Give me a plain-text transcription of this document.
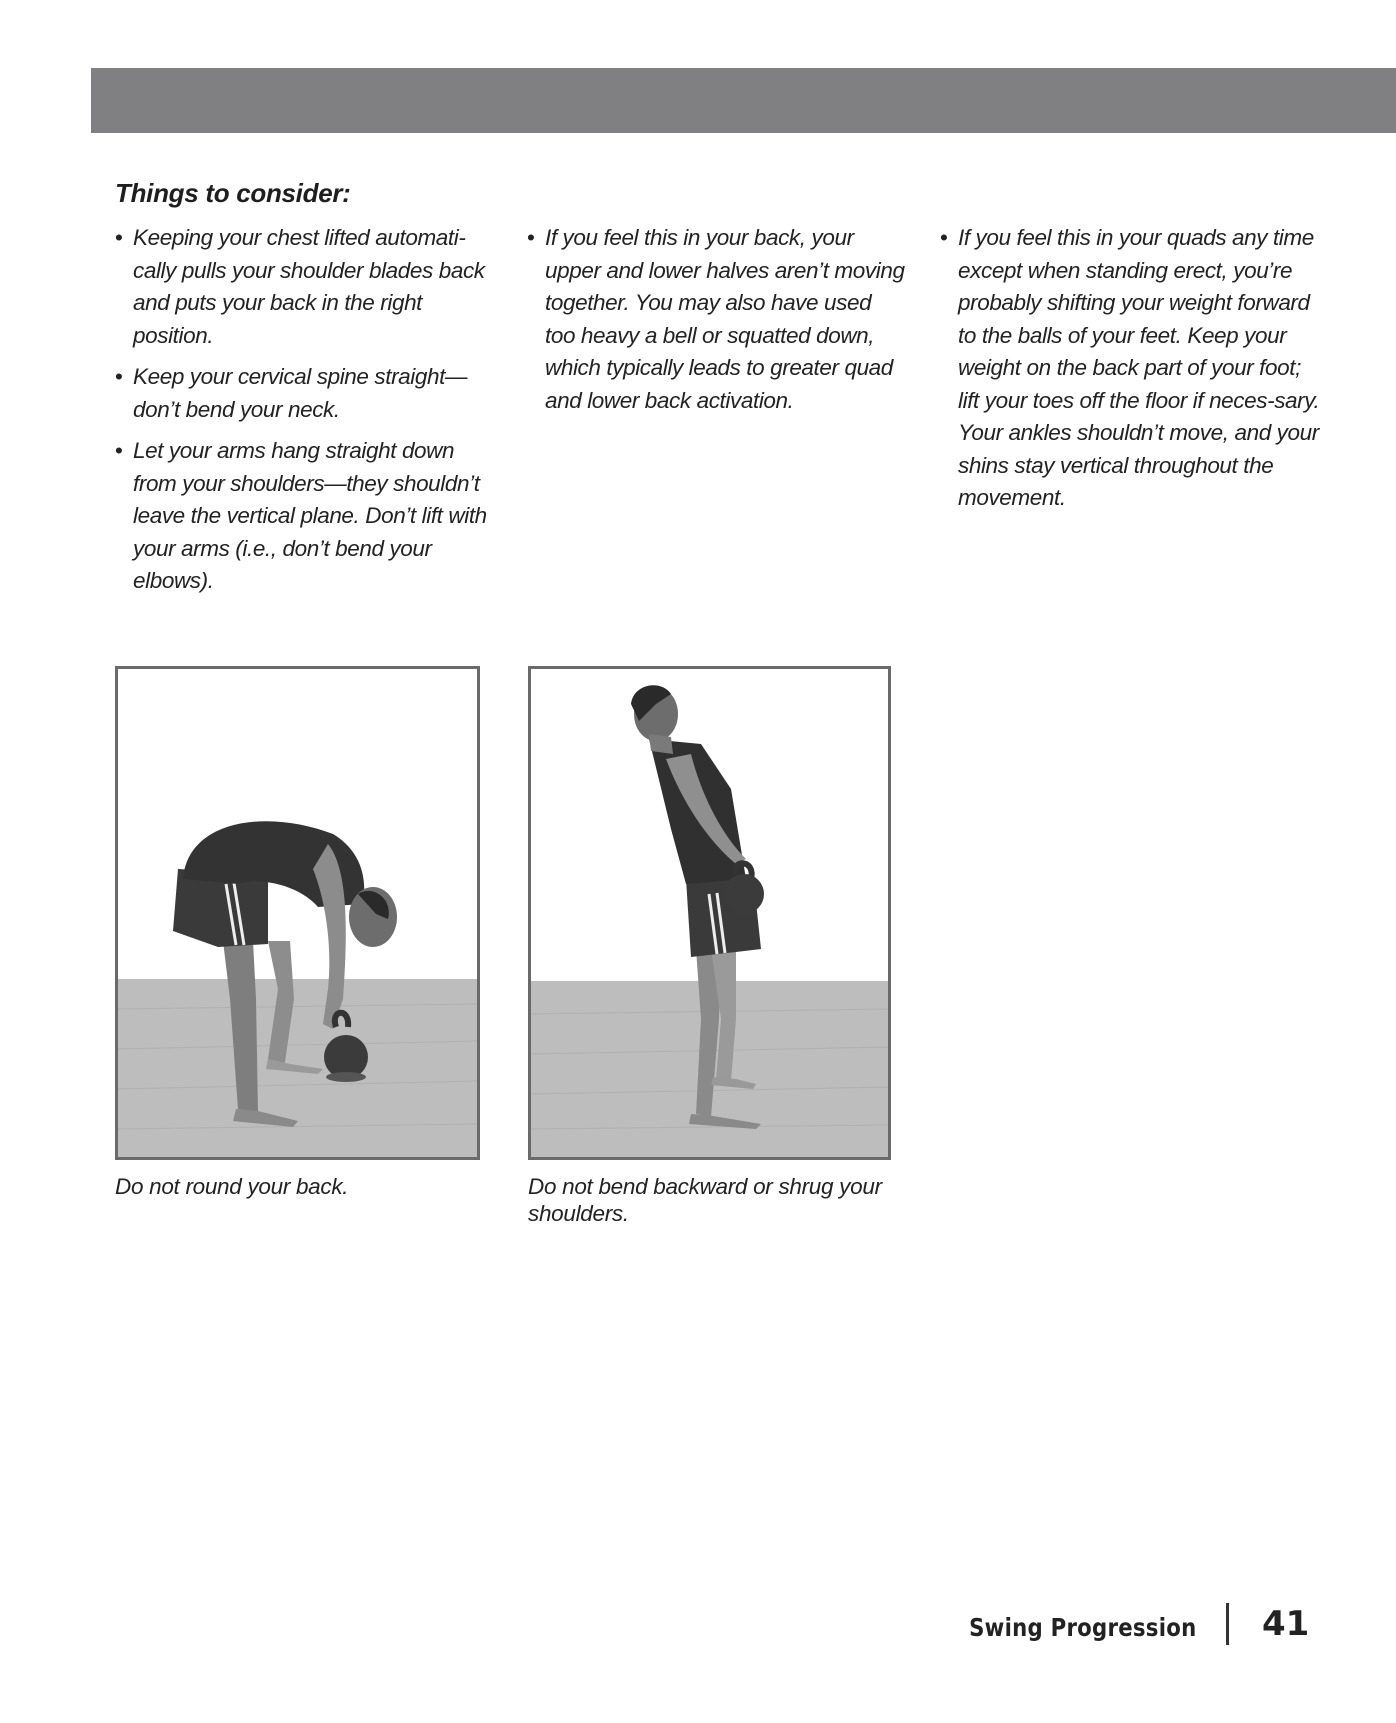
Things to consider:
• Keeping your chest lifted automati-cally pulls your shoulder blades back and puts your back in the right position.
• Keep your cervical spine straight—don’t bend your neck.
• Let your arms hang straight down from your shoulders—they shouldn’t leave the vertical plane. Don’t lift with your arms (i.e., don’t bend your elbows).
• If you feel this in your back, your upper and lower halves aren’t moving together. You may also have used too heavy a bell or squatted down, which typically leads to greater quad and lower back activation.
• If you feel this in your quads any time except when standing erect, you’re probably shifting your weight forward to the balls of your feet. Keep your weight on the back part of your foot; lift your toes off the floor if neces-sary. Your ankles shouldn’t move, and your shins stay vertical throughout the movement.
Do not round your back.	Do not bend backward or shrug your shoulders.
Swing Progression 41
